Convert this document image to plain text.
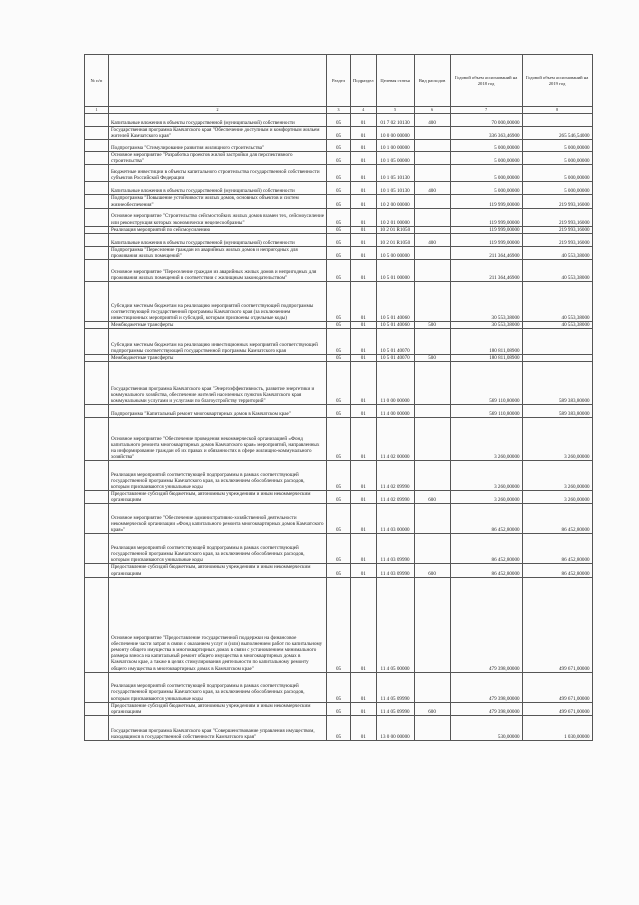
№ п/п		Раздел	Подраздел	Целевая статья	Вид расходов	Годовой объем ассигнований на 2018 год	Годовой объем ассигнований на 2019 год
1	2	3	4	5	6	7	8
	Капитальные вложения в объекты государственной (муниципальной) собственности	05	01	01 7 02 10130	400	70 000,00000	
	Государственная программа Камчатского края "Обеспечение доступным и комфортным жильем жителей Камчатского края"	05	01	10 0 00 00000		336 363,46900	265 546,54000
	Подпрограмма "Стимулирование развития жилищного строительства"	05	01	10 1 00 00000		5 000,00000	5 000,00000
	Основное мероприятие "Разработка проектов жилой застройки для перспективного строительства"	05	01	10 1 05 00000		5 000,00000	5 000,00000
	Бюджетные инвестиции в объекты капитального строительства государственной собственности субъектов Российской Федерации	05	01	10 1 05 10130		5 000,00000	5 000,00000
	Капитальные вложения в объекты государственной (муниципальной) собственности	05	01	10 1 05 10130	400	5 000,00000	5 000,00000
	Подпрограмма "Повышение устойчивости жилых домов, основных объектов и систем жизнеобеспечения"	05	01	10 2 00 00000		119 999,00000	219 993,16000
	Основное мероприятие "Строительство сейсмостойких жилых домов взамен тех, сейсмоусиление или реконструкция которых экономически нецелесообразны"	05	01	10 2 01 00000		119 999,00000	219 993,16000
	Реализация мероприятий по сейсмоусилению	05	01	10 2 01 R1050		119 999,00000	219 993,16000
	Капитальные вложения в объекты государственной (муниципальной) собственности	05	01	10 2 01 R1050	400	119 999,00000	219 993,16000
	Подпрограмма "Переселение граждан из аварийных жилых домов и непригодных для проживания жилых помещений"	05	01	10 5 00 00000		211 364,46900	40 553,38000
	Основное мероприятие "Переселение граждан из аварийных жилых домов и непригодных для проживания жилых помещений в соответствии с жилищным законодательством"	05	01	10 5 01 00000		211 364,46900	40 553,38000
	Субсидии местным бюджетам на реализацию мероприятий соответствующей подпрограммы соответствующей государственной программы Камчатского края (за исключением инвестиционных мероприятий и субсидий, которым присвоены отдельные коды)	05	01	10 5 01 40060		30 553,38000	40 553,38000
	Межбюджетные трансферты	05	01	10 5 01 40060	500	30 553,38000	40 553,38000
	Субсидии местным бюджетам на реализацию инвестиционных мероприятий соответствующей подпрограммы соответствующей государственной программы Камчатского края	05	01	10 5 01 40070		180 811,08900	
	Межбюджетные трансферты	05	01	10 5 01 40070	500	180 811,08900	
	Государственная программа Камчатского края "Энергоэффективность, развитие энергетики и коммунального хозяйства, обеспечение жителей населенных пунктов Камчатского края коммунальными услугами и услугами по благоустройству территорий"	05	01	11 0 00 00000		569 110,80000	589 383,80000
	Подпрограмма "Капитальный ремонт многоквартирных домов в Камчатском крае"	05	01	11 4 00 00000		569 110,80000	589 383,80000
	Основное мероприятие "Обеспечение проведения некоммерческой организацией «Фонд капитального ремонта многоквартирных домов Камчатского края» мероприятий, направленных на информирование граждан об их правах и обязанностях в сфере жилищно-коммунального хозяйства"	05	01	11 4 02 00000		3 260,00000	3 260,00000
	Реализация мероприятий соответствующей подпрограммы в рамках соответствующей государственной программы Камчатского края, за исключением обособленных расходов, которым присваиваются уникальные коды	05	01	11 4 02 09990		3 260,00000	3 260,00000
	Предоставление субсидий бюджетным, автономным учреждениям и иным некоммерческим организациям	05	01	11 4 02 09990	600	3 260,00000	3 260,00000
	Основное мероприятие "Обеспечение административно-хозяйственной деятельности некоммерческой организации «Фонд капитального ремонта многоквартирных домов Камчатского края»"	05	01	11 4 03 00000		86 452,80000	86 452,80000
	Реализация мероприятий соответствующей подпрограммы в рамках соответствующей государственной программы Камчатского края, за исключением обособленных расходов, которым присваиваются уникальные коды	05	01	11 4 03 09990		86 452,80000	86 452,80000
	Предоставление субсидий бюджетным, автономным учреждениям и иным некоммерческим организациям	05	01	11 4 03 09990	600	86 452,80000	86 452,80000
	Основное мероприятие "Предоставление государственной поддержки на финансовое обеспечение части затрат в связи с оказанием услуг и (или) выполнением работ по капитальному ремонту общего имущества в многоквартирных домах в связи с установлением минимального размера взноса на капитальный ремонт общего имущества в многоквартирных домах в Камчатском крае, а также в целях стимулирования деятельности по капитальному ремонту общего имущества в многоквартирных домах в Камчатском крае"	05	01	11 4 05 00000		479 398,00000	499 671,00000
	Реализация мероприятий соответствующей подпрограммы в рамках соответствующей государственной программы Камчатского края, за исключением обособленных расходов, которым присваиваются уникальные коды	05	01	11 4 05 09990		479 398,00000	499 671,00000
	Предоставление субсидий бюджетным, автономным учреждениям и иным некоммерческим организациям	05	01	11 4 05 09990	600	479 398,00000	499 671,00000
	Государственная программа Камчатского края "Совершенствование управления имуществом, находящимся в государственной собственности Камчатского края"	05	01	13 0 00 00000		530,00000	1 030,00000
